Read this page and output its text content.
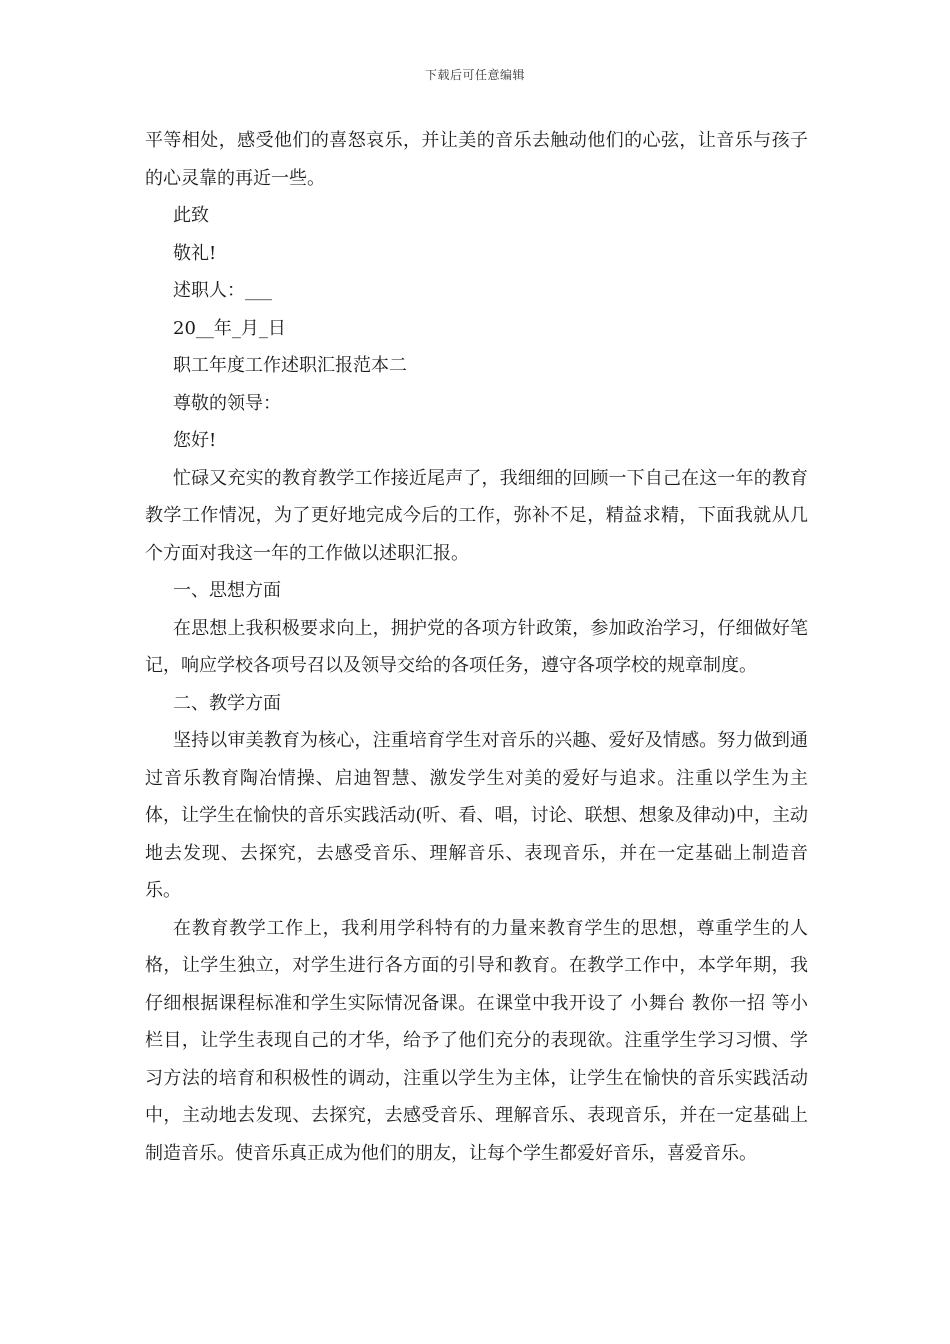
下载后可任意编辑

平等相处，感受他们的喜怒哀乐，并让美的音乐去触动他们的心弦，让音乐与孩子的心灵靠的再近一些。

此致

敬礼!

述职人：___

20__年_月_日

职工年度工作述职汇报范本二

尊敬的领导：

您好!

忙碌又充实的教育教学工作接近尾声了，我细细的回顾一下自己在这一年的教育教学工作情况，为了更好地完成今后的工作，弥补不足，精益求精，下面我就从几个方面对我这一年的工作做以述职汇报。

一、思想方面

在思想上我积极要求向上，拥护党的各项方针政策，参加政治学习，仔细做好笔记，响应学校各项号召以及领导交给的各项任务，遵守各项学校的规章制度。

二、教学方面

坚持以审美教育为核心，注重培育学生对音乐的兴趣、爱好及情感。努力做到通过音乐教育陶冶情操、启迪智慧、激发学生对美的爱好与追求。注重以学生为主体，让学生在愉快的音乐实践活动(听、看、唱，讨论、联想、想象及律动)中，主动地去发现、去探究，去感受音乐、理解音乐、表现音乐，并在一定基础上制造音乐。

在教育教学工作上，我利用学科特有的力量来教育学生的思想，尊重学生的人格，让学生独立，对学生进行各方面的引导和教育。在教学工作中，本学年期，我仔细根据课程标准和学生实际情况备课。在课堂中我开设了 小舞台 教你一招 等小栏目，让学生表现自己的才华，给予了他们充分的表现欲。注重学生学习习惯、学习方法的培育和积极性的调动，注重以学生为主体，让学生在愉快的音乐实践活动中，主动地去发现、去探究，去感受音乐、理解音乐、表现音乐，并在一定基础上制造音乐。使音乐真正成为他们的朋友，让每个学生都爱好音乐，喜爱音乐。
